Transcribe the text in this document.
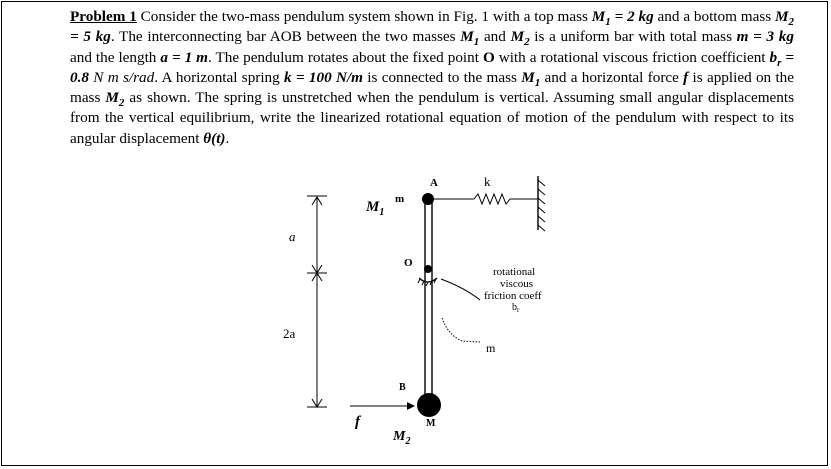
Problem 1 Consider the two-mass pendulum system shown in Fig. 1 with a top mass $M_1 = 2$ kg and a bottom mass $M_2 = 5$ kg. The interconnecting bar AOB between the two masses $M_1$ and $M_2$ is a uniform bar with total mass m = 3 kg and the length a = 1 m. The pendulum rotates about the fixed point O with a rotational viscous friction coefficient $b_r = 0.8$ N m s/rad. A horizontal spring k = 100 N/m is connected to the mass $M_1$ and a horizontal force f is applied on the mass $M_2$ as shown. The spring is unstretched when the pendulum is vertical. Assuming small angular displacements from the vertical equilibrium, write the linearized rotational equation of motion of the pendulum with respect to its angular displacement θ(t).
a
2a
O
A
$M_1$
m
k
rotational
viscous
friction coeff
$b_r$
m
B
M
f
$M_2$
